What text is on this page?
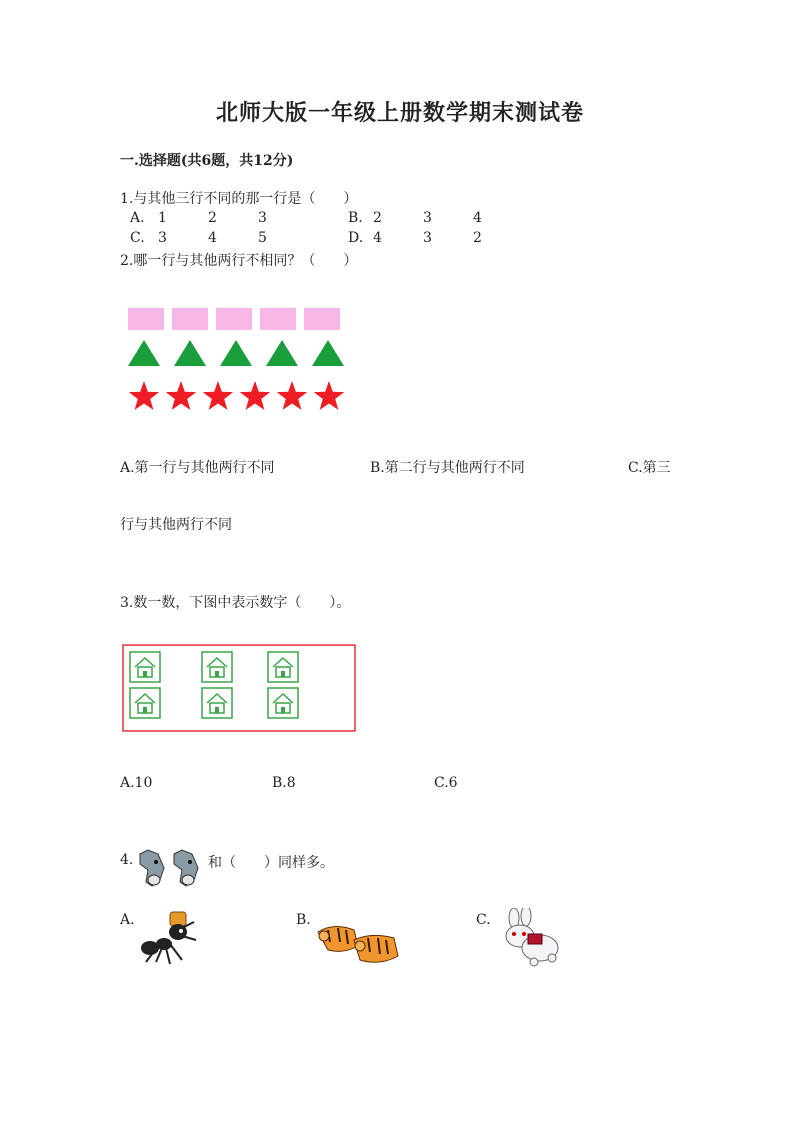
北师大版一年级上册数学期末测试卷
一.选择题(共6题，共12分)
1.与其他三行不同的那一行是（　　）
A. 1	2	3	B. 2	3	4
C. 3	4	5	D. 4	3	2
2.哪一行与其他两行不相同？（　　）
A.第一行与其他两行不同	B.第二行与其他两行不同	C.第三
行与其他两行不同
3.数一数，下图中表示数字（　　）。
A.10	B.8	C.6
4.	和（　　）同样多。
A.	B.	C.
